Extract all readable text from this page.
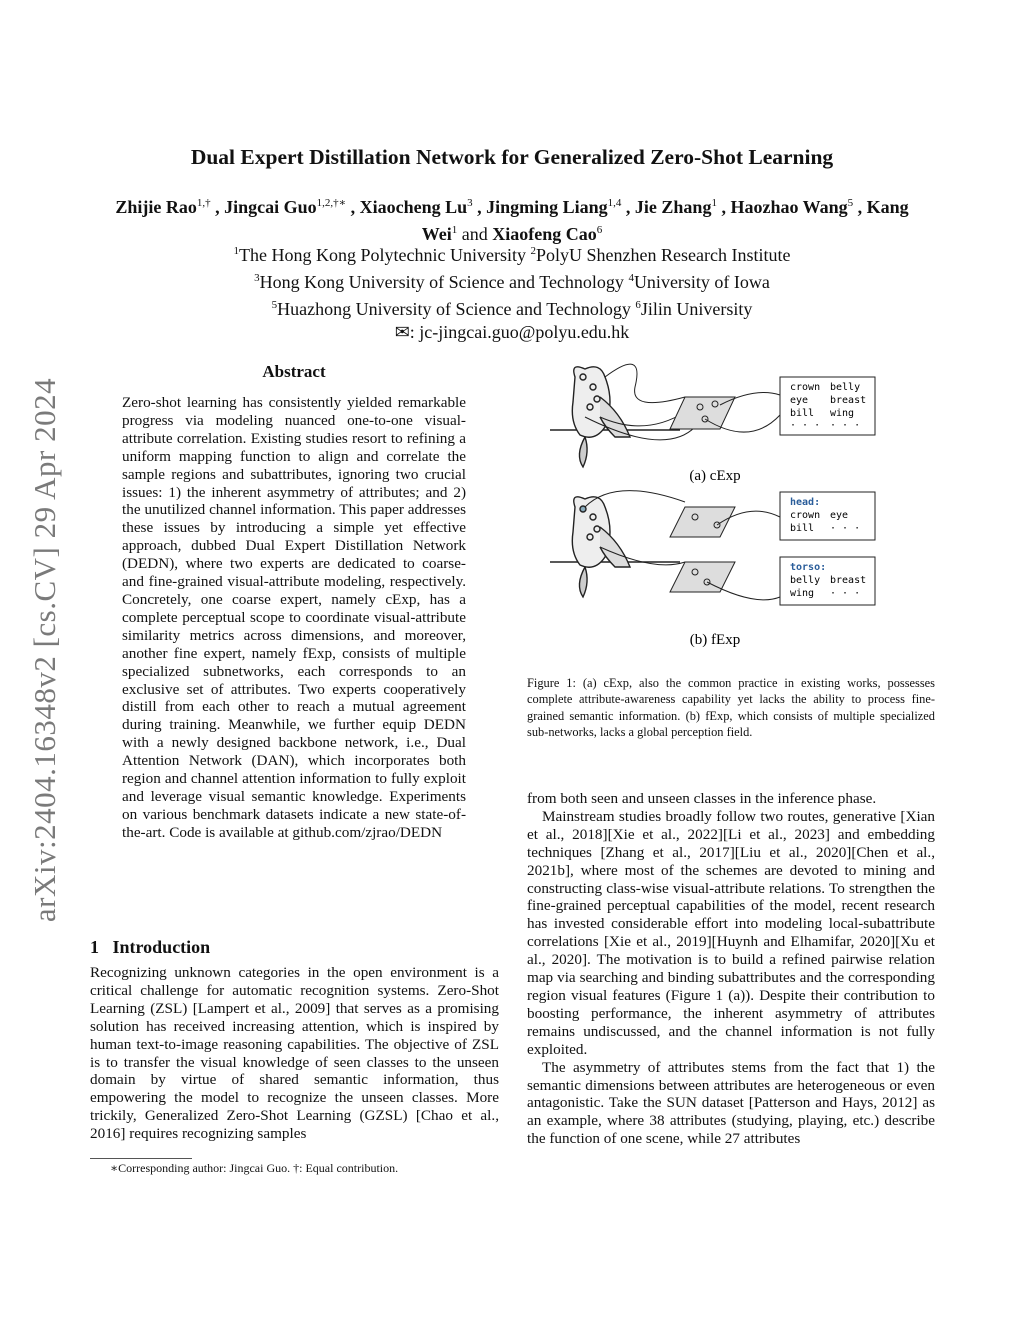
arXiv:2404.16348v2 [cs.CV] 29 Apr 2024
Dual Expert Distillation Network for Generalized Zero-Shot Learning
Zhijie Rao$^{1,\dagger}$ , Jingcai Guo$^{1,2,\dagger∗}$ , Xiaocheng Lu$^3$ , Jingming Liang$^{1,4}$ , Jie Zhang$^1$ , Haozhao Wang$^5$ , Kang Wei$^1$ and Xiaofeng Cao$^6$
$^1$The Hong Kong Polytechnic University $^2$PolyU Shenzhen Research Institute
$^3$Hong Kong University of Science and Technology $^4$University of Iowa
$^5$Huazhong University of Science and Technology $^6$Jilin University
✉: jc-jingcai.guo@polyu.edu.hk
Abstract

Zero-shot learning has consistently yielded remarkable progress via modeling nuanced one-to-one visual-attribute correlation. Existing studies resort to refining a uniform mapping function to align and correlate the sample regions and subattributes, ignoring two crucial issues: 1) the inherent asymmetry of attributes; and 2) the unutilized channel information. This paper addresses these issues by introducing a simple yet effective approach, dubbed Dual Expert Distillation Network (DEDN), where two experts are dedicated to coarse- and fine-grained visual-attribute modeling, respectively. Concretely, one coarse expert, namely cExp, has a complete perceptual scope to coordinate visual-attribute similarity metrics across dimensions, and moreover, another fine expert, namely fExp, consists of multiple specialized subnetworks, each corresponds to an exclusive set of attributes. Two experts cooperatively distill from each other to reach a mutual agreement during training. Meanwhile, we further equip DEDN with a newly designed backbone network, i.e., Dual Attention Network (DAN), which incorporates both region and channel attention information to fully exploit and leverage visual semantic knowledge. Experiments on various benchmark datasets indicate a new state-of-the-art. Code is available at github.com/zjrao/DEDN

1 Introduction

Recognizing unknown categories in the open environment is a critical challenge for automatic recognition systems. Zero-Shot Learning (ZSL) [Lampert et al., 2009] that serves as a promising solution has received increasing attention, which is inspired by human text-to-image reasoning capabilities. The objective of ZSL is to transfer the visual knowledge of seen classes to the unseen domain by virtue of shared semantic information, thus empowering the model to recognize the unseen classes. More trickily, Generalized Zero-Shot Learning (GZSL) [Chao et al., 2016] requires recognizing samples

∗Corresponding author: Jingcai Guo. †: Equal contribution.
crown belly
eye breast
bill wing
· · · · · ·
(a) cExp
head:
crown eye
bill · · ·
torso:
belly breast
wing · · ·
(b) fExp
Figure 1: (a) cExp, also the common practice in existing works, possesses complete attribute-awareness capability yet lacks the ability to process fine-grained semantic information. (b) fExp, which consists of multiple specialized sub-networks, lacks a global perception field.

from both seen and unseen classes in the inference phase.

Mainstream studies broadly follow two routes, generative [Xian et al., 2018][Xie et al., 2022][Li et al., 2023] and embedding techniques [Zhang et al., 2017][Liu et al., 2020][Chen et al., 2021b], where most of the schemes are devoted to mining and constructing class-wise visual-attribute relations. To strengthen the fine-grained perceptual capabilities of the model, recent research has invested considerable effort into modeling local-subattribute correlations [Xie et al., 2019][Huynh and Elhamifar, 2020][Xu et al., 2020]. The motivation is to build a refined pairwise relation map via searching and binding subattributes and the corresponding region visual features (Figure 1 (a)). Despite their contribution to boosting performance, the inherent asymmetry of attributes remains undiscussed, and the channel information is not fully exploited.

The asymmetry of attributes stems from the fact that 1) the semantic dimensions between attributes are heterogeneous or even antagonistic. Take the SUN dataset [Patterson and Hays, 2012] as an example, where 38 attributes (studying, playing, etc.) describe the function of one scene, while 27 attributes
